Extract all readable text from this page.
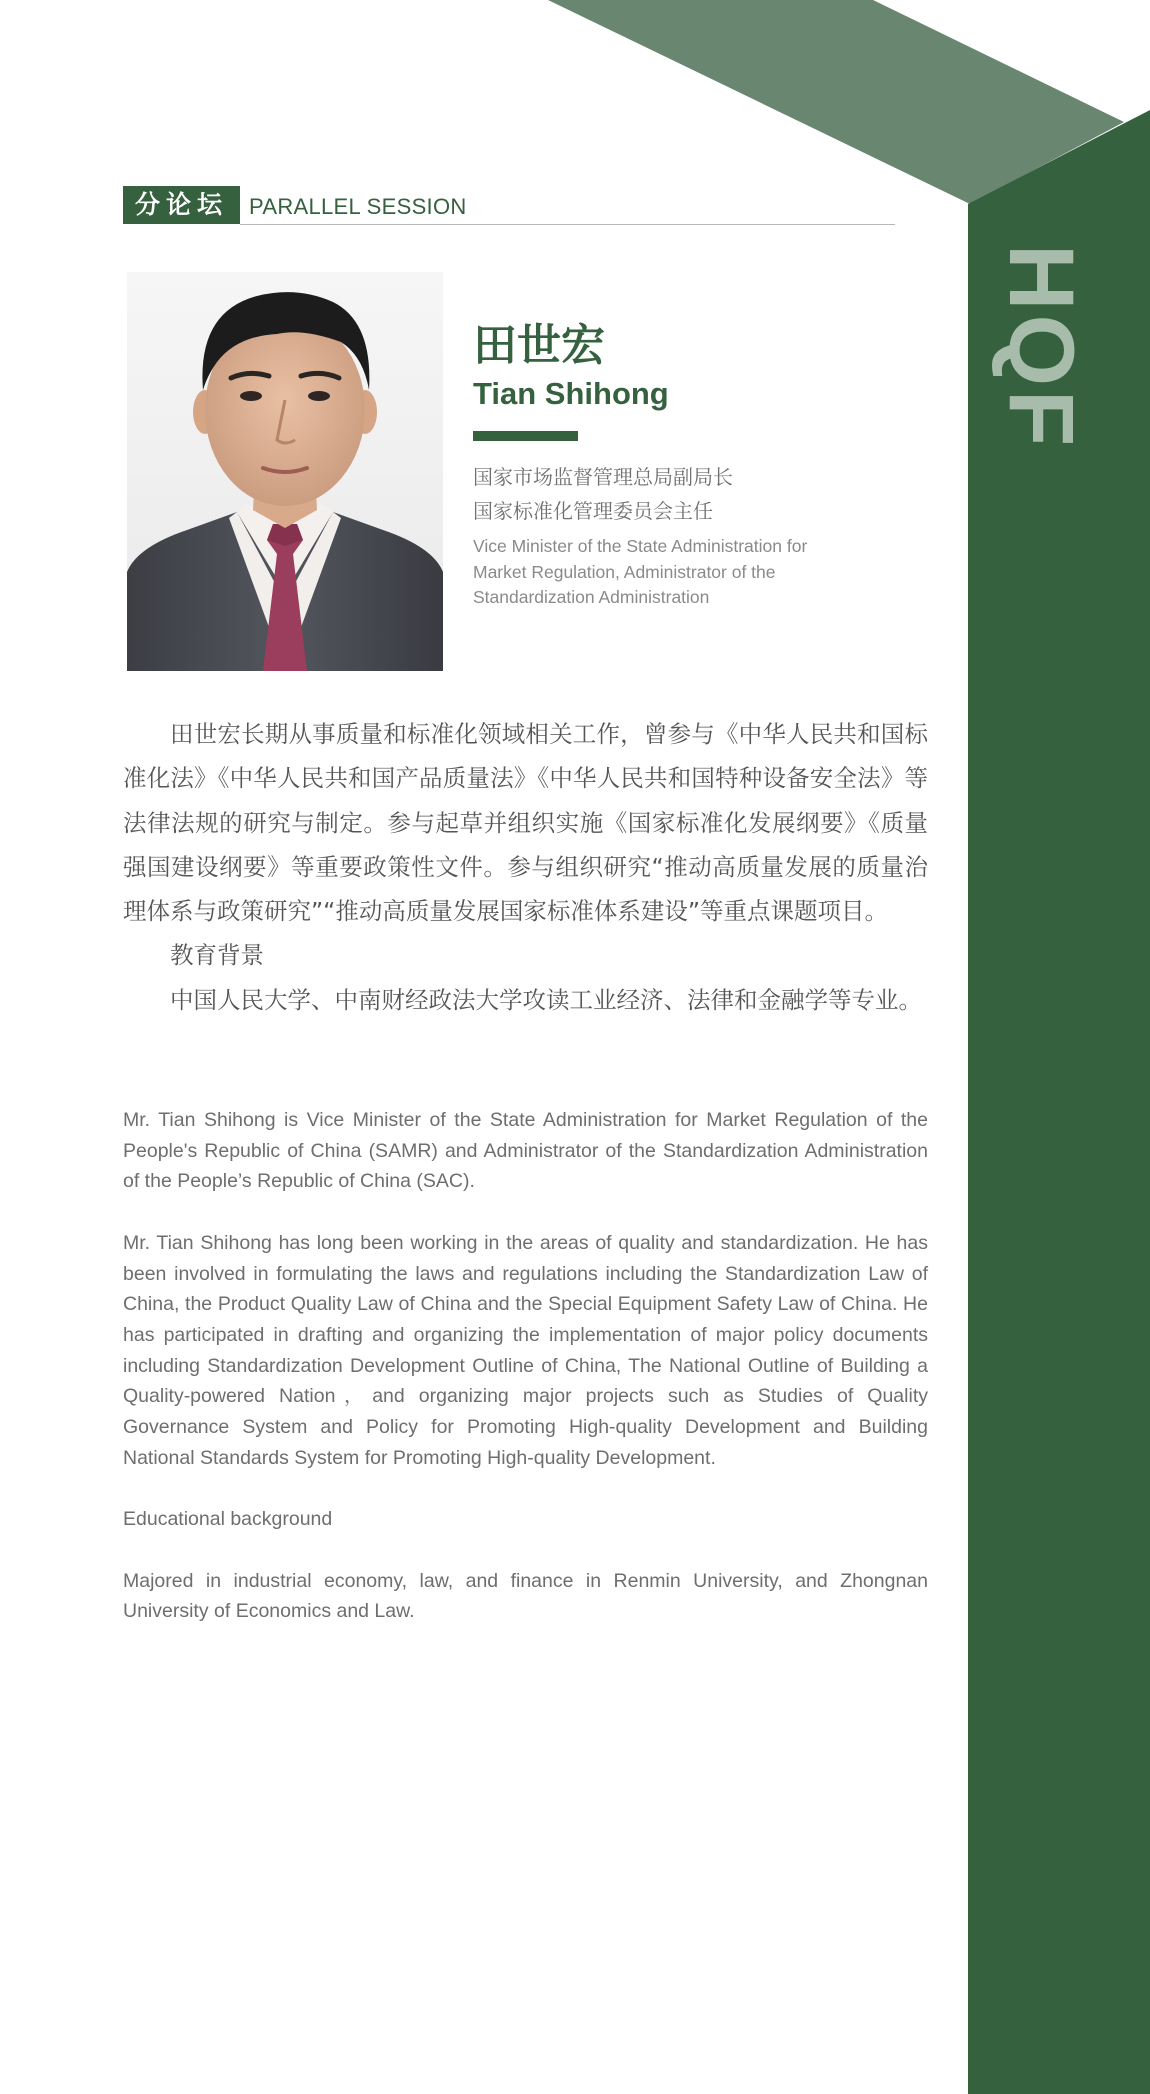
HQF
分论坛 PARALLEL SESSION
田世宏
Tian Shihong
国家市场监督管理总局副局长
国家标准化管理委员会主任
Vice Minister of the State Administration for Market Regulation, Administrator of the Standardization Administration

田世宏长期从事质量和标准化领域相关工作，曾参与《中华人民共和国标准化法》《中华人民共和国产品质量法》《中华人民共和国特种设备安全法》等法律法规的研究与制定。参与起草并组织实施《国家标准化发展纲要》《质量强国建设纲要》等重要政策性文件。参与组织研究“推动高质量发展的质量治理体系与政策研究”“推动高质量发展国家标准体系建设”等重点课题项目。

教育背景

中国人民大学、中南财经政法大学攻读工业经济、法律和金融学等专业。

Mr. Tian Shihong is Vice Minister of the State Administration for Market Regulation of the People's Republic of China (SAMR) and Administrator of the Standardization Administration of the People’s Republic of China (SAC).

Mr. Tian Shihong has long been working in the areas of quality and standardization. He has been involved in formulating the laws and regulations including the Standardization Law of China, the Product Quality Law of China and the Special Equipment Safety Law of China. He has participated in drafting and organizing the implementation of major policy documents including Standardization Development Outline of China, The National Outline of Building a Quality-powered Nation，and organizing major projects such as Studies of Quality Governance System and Policy for Promoting High-quality Development and Building National Standards System for Promoting High-quality Development.

Educational background

Majored in industrial economy, law, and finance in Renmin University, and Zhongnan University of Economics and Law.
